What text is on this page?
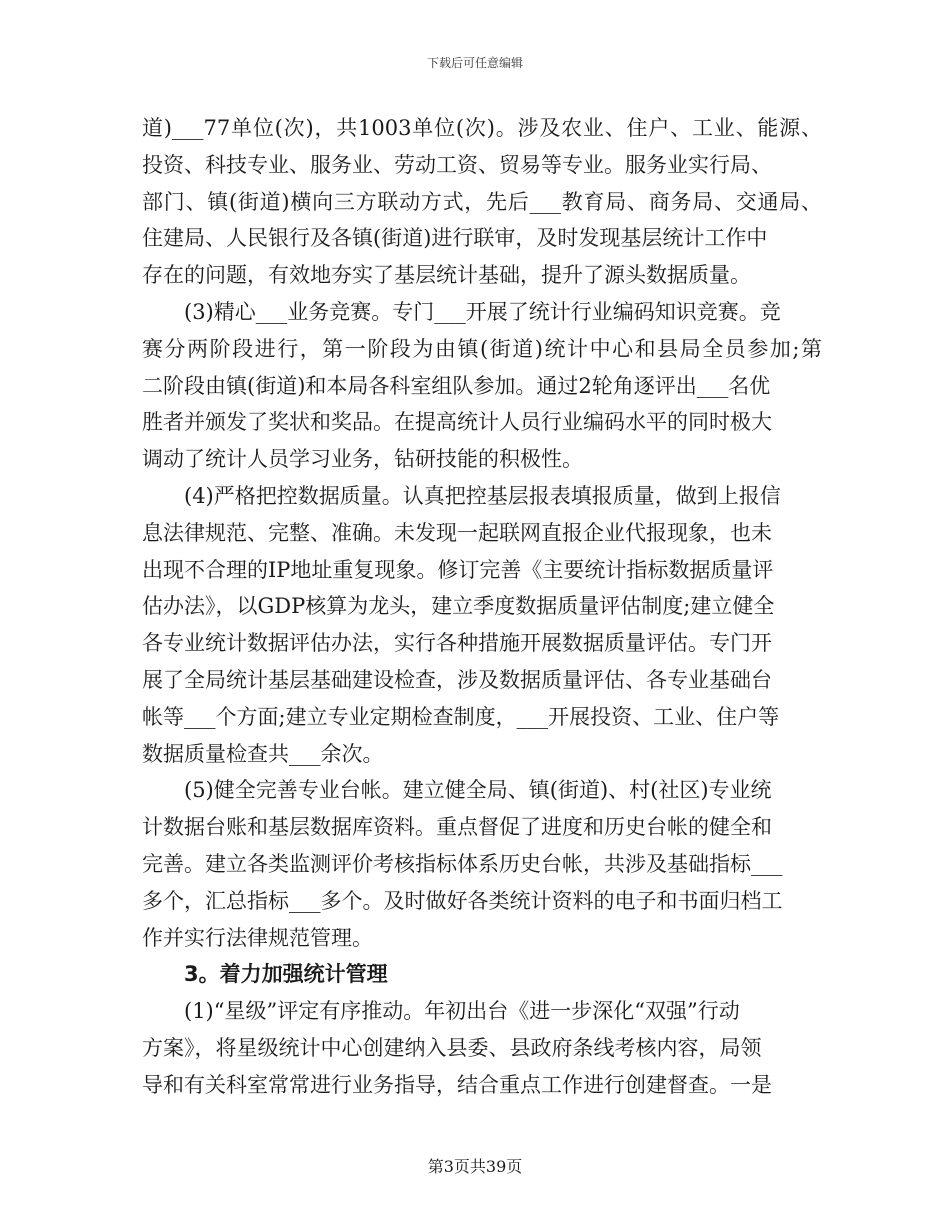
下载后可任意编辑
道)___77单位(次)，共1003单位(次)。涉及农业、住户、工业、能源、
投资、科技专业、服务业、劳动工资、贸易等专业。服务业实行局、
部门、镇(街道)横向三方联动方式，先后___教育局、商务局、交通局、
住建局、人民银行及各镇(街道)进行联审，及时发现基层统计工作中
存在的问题，有效地夯实了基层统计基础，提升了源头数据质量。
(3)精心___业务竞赛。专门___开展了统计行业编码知识竞赛。竞
赛分两阶段进行，第一阶段为由镇(街道)统计中心和县局全员参加;第
二阶段由镇(街道)和本局各科室组队参加。通过2轮角逐评出___名优
胜者并颁发了奖状和奖品。在提高统计人员行业编码水平的同时极大
调动了统计人员学习业务，钻研技能的积极性。
(4)严格把控数据质量。认真把控基层报表填报质量，做到上报信
息法律规范、完整、准确。未发现一起联网直报企业代报现象，也未
出现不合理的IP地址重复现象。修订完善《主要统计指标数据质量评
估办法》，以GDP核算为龙头，建立季度数据质量评估制度;建立健全
各专业统计数据评估办法，实行各种措施开展数据质量评估。专门开
展了全局统计基层基础建设检查，涉及数据质量评估、各专业基础台
帐等___个方面;建立专业定期检查制度，___开展投资、工业、住户等
数据质量检查共___余次。
(5)健全完善专业台帐。建立健全局、镇(街道)、村(社区)专业统
计数据台账和基层数据库资料。重点督促了进度和历史台帐的健全和
完善。建立各类监测评价考核指标体系历史台帐，共涉及基础指标___
多个，汇总指标___多个。及时做好各类统计资料的电子和书面归档工
作并实行法律规范管理。
3。着力加强统计管理
(1)“星级”评定有序推动。年初出台《进一步深化“双强”行动
方案》，将星级统计中心创建纳入县委、县政府条线考核内容，局领
导和有关科室常常进行业务指导，结合重点工作进行创建督查。一是
第3页共39页
